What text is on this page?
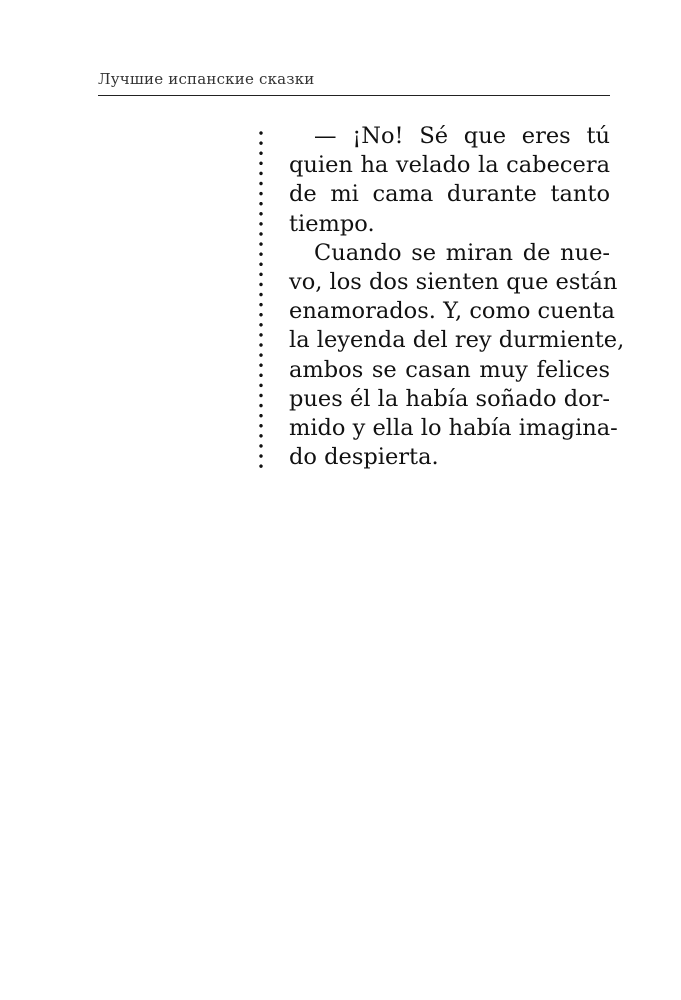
Лучшие испанские сказки
— ¡No! Sé que eres tú
quien ha velado la cabecera
de mi cama durante tanto
tiempo.
Cuando se miran de nue-
vo, los dos sienten que están
enamorados. Y, como cuenta
la leyenda del rey durmiente,
ambos se casan muy felices
pues él la había soñado dor-
mido y ella lo había imagina-
do despierta.
